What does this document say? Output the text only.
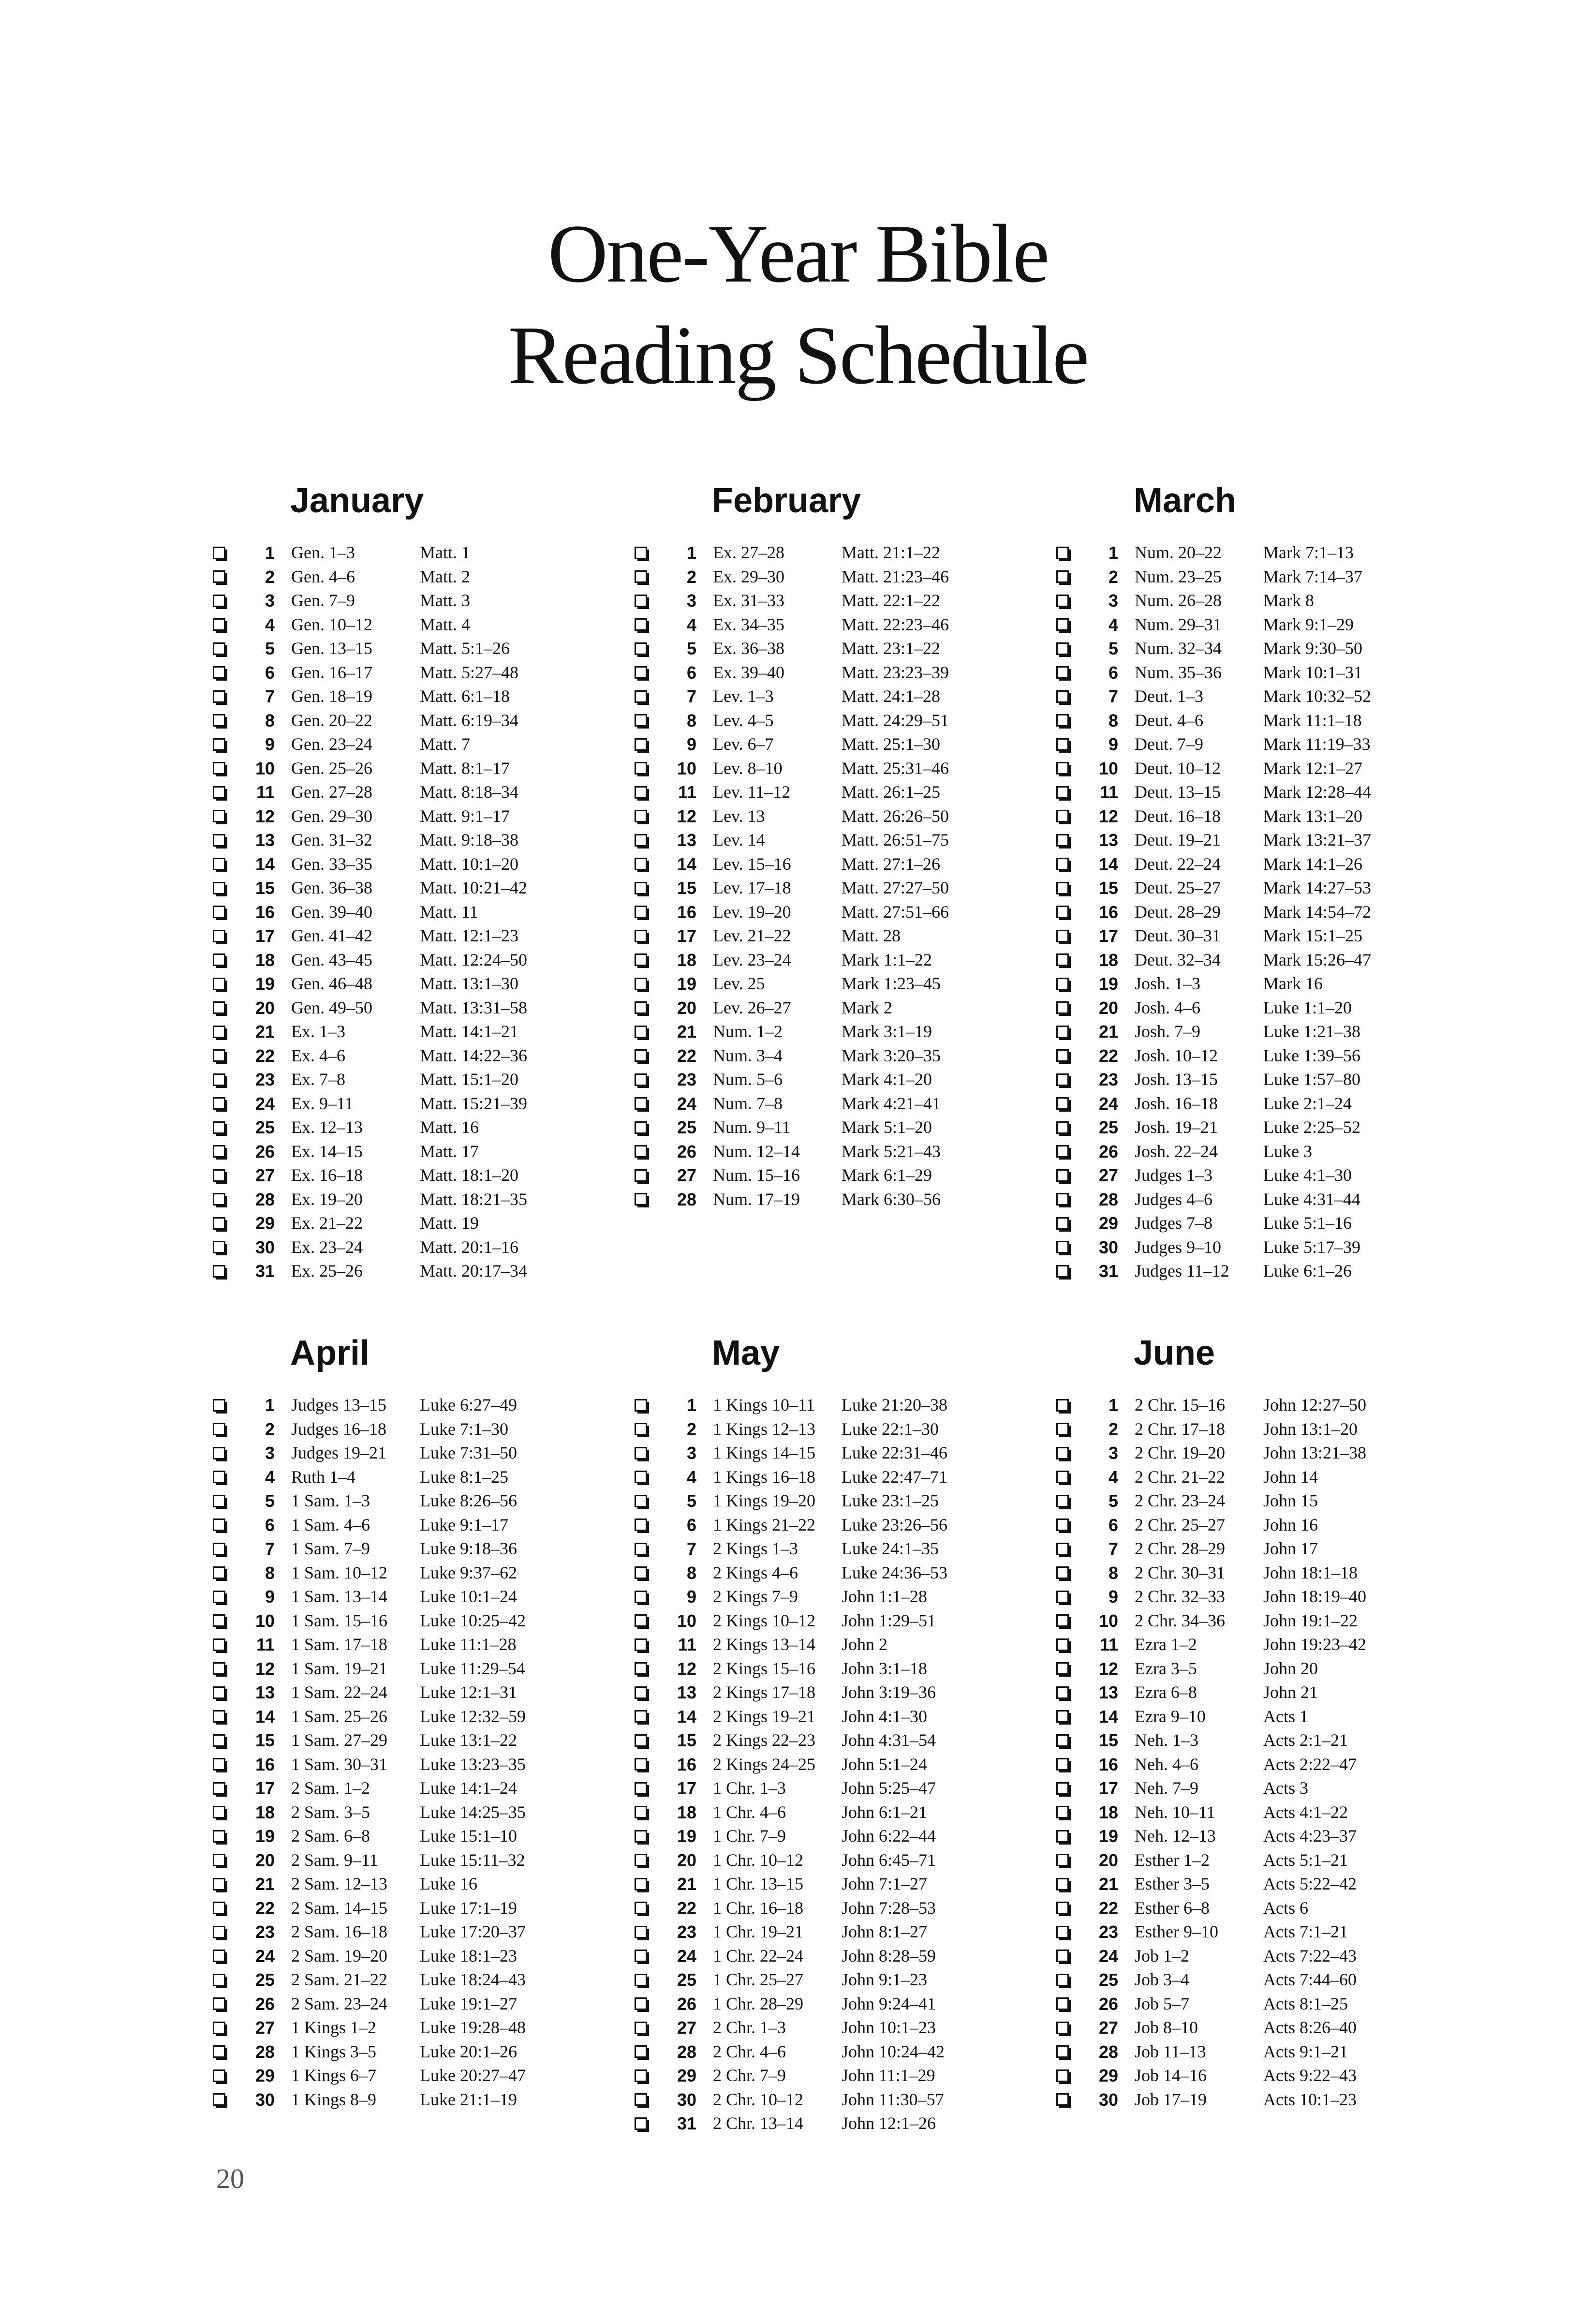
One-Year Bible
Reading Schedule
January
1 Gen. 1–3	Matt. 1
2 Gen. 4–6	Matt. 2
3 Gen. 7–9	Matt. 3
4 Gen. 10–12	Matt. 4
5 Gen. 13–15	Matt. 5:1–26
6 Gen. 16–17	Matt. 5:27–48
7 Gen. 18–19	Matt. 6:1–18
8 Gen. 20–22	Matt. 6:19–34
9 Gen. 23–24	Matt. 7
10 Gen. 25–26	Matt. 8:1–17
11 Gen. 27–28	Matt. 8:18–34
12 Gen. 29–30	Matt. 9:1–17
13 Gen. 31–32	Matt. 9:18–38
14 Gen. 33–35	Matt. 10:1–20
15 Gen. 36–38	Matt. 10:21–42
16 Gen. 39–40	Matt. 11
17 Gen. 41–42	Matt. 12:1–23
18 Gen. 43–45	Matt. 12:24–50
19 Gen. 46–48	Matt. 13:1–30
20 Gen. 49–50	Matt. 13:31–58
21 Ex. 1–3	Matt. 14:1–21
22 Ex. 4–6	Matt. 14:22–36
23 Ex. 7–8	Matt. 15:1–20
24 Ex. 9–11	Matt. 15:21–39
25 Ex. 12–13	Matt. 16
26 Ex. 14–15	Matt. 17
27 Ex. 16–18	Matt. 18:1–20
28 Ex. 19–20	Matt. 18:21–35
29 Ex. 21–22	Matt. 19
30 Ex. 23–24	Matt. 20:1–16
31 Ex. 25–26	Matt. 20:17–34
February
1 Ex. 27–28	Matt. 21:1–22
2 Ex. 29–30	Matt. 21:23–46
3 Ex. 31–33	Matt. 22:1–22
4 Ex. 34–35	Matt. 22:23–46
5 Ex. 36–38	Matt. 23:1–22
6 Ex. 39–40	Matt. 23:23–39
7 Lev. 1–3	Matt. 24:1–28
8 Lev. 4–5	Matt. 24:29–51
9 Lev. 6–7	Matt. 25:1–30
10 Lev. 8–10	Matt. 25:31–46
11 Lev. 11–12	Matt. 26:1–25
12 Lev. 13	Matt. 26:26–50
13 Lev. 14	Matt. 26:51–75
14 Lev. 15–16	Matt. 27:1–26
15 Lev. 17–18	Matt. 27:27–50
16 Lev. 19–20	Matt. 27:51–66
17 Lev. 21–22	Matt. 28
18 Lev. 23–24	Mark 1:1–22
19 Lev. 25	Mark 1:23–45
20 Lev. 26–27	Mark 2
21 Num. 1–2	Mark 3:1–19
22 Num. 3–4	Mark 3:20–35
23 Num. 5–6	Mark 4:1–20
24 Num. 7–8	Mark 4:21–41
25 Num. 9–11	Mark 5:1–20
26 Num. 12–14	Mark 5:21–43
27 Num. 15–16	Mark 6:1–29
28 Num. 17–19	Mark 6:30–56
March
1 Num. 20–22	Mark 7:1–13
2 Num. 23–25	Mark 7:14–37
3 Num. 26–28	Mark 8
4 Num. 29–31	Mark 9:1–29
5 Num. 32–34	Mark 9:30–50
6 Num. 35–36	Mark 10:1–31
7 Deut. 1–3	Mark 10:32–52
8 Deut. 4–6	Mark 11:1–18
9 Deut. 7–9	Mark 11:19–33
10 Deut. 10–12	Mark 12:1–27
11 Deut. 13–15	Mark 12:28–44
12 Deut. 16–18	Mark 13:1–20
13 Deut. 19–21	Mark 13:21–37
14 Deut. 22–24	Mark 14:1–26
15 Deut. 25–27	Mark 14:27–53
16 Deut. 28–29	Mark 14:54–72
17 Deut. 30–31	Mark 15:1–25
18 Deut. 32–34	Mark 15:26–47
19 Josh. 1–3	Mark 16
20 Josh. 4–6	Luke 1:1–20
21 Josh. 7–9	Luke 1:21–38
22 Josh. 10–12	Luke 1:39–56
23 Josh. 13–15	Luke 1:57–80
24 Josh. 16–18	Luke 2:1–24
25 Josh. 19–21	Luke 2:25–52
26 Josh. 22–24	Luke 3
27 Judges 1–3	Luke 4:1–30
28 Judges 4–6	Luke 4:31–44
29 Judges 7–8	Luke 5:1–16
30 Judges 9–10	Luke 5:17–39
31 Judges 11–12	Luke 6:1–26
April
1 Judges 13–15	Luke 6:27–49
2 Judges 16–18	Luke 7:1–30
3 Judges 19–21	Luke 7:31–50
4 Ruth 1–4	Luke 8:1–25
5 1 Sam. 1–3	Luke 8:26–56
6 1 Sam. 4–6	Luke 9:1–17
7 1 Sam. 7–9	Luke 9:18–36
8 1 Sam. 10–12	Luke 9:37–62
9 1 Sam. 13–14	Luke 10:1–24
10 1 Sam. 15–16	Luke 10:25–42
11 1 Sam. 17–18	Luke 11:1–28
12 1 Sam. 19–21	Luke 11:29–54
13 1 Sam. 22–24	Luke 12:1–31
14 1 Sam. 25–26	Luke 12:32–59
15 1 Sam. 27–29	Luke 13:1–22
16 1 Sam. 30–31	Luke 13:23–35
17 2 Sam. 1–2	Luke 14:1–24
18 2 Sam. 3–5	Luke 14:25–35
19 2 Sam. 6–8	Luke 15:1–10
20 2 Sam. 9–11	Luke 15:11–32
21 2 Sam. 12–13	Luke 16
22 2 Sam. 14–15	Luke 17:1–19
23 2 Sam. 16–18	Luke 17:20–37
24 2 Sam. 19–20	Luke 18:1–23
25 2 Sam. 21–22	Luke 18:24–43
26 2 Sam. 23–24	Luke 19:1–27
27 1 Kings 1–2	Luke 19:28–48
28 1 Kings 3–5	Luke 20:1–26
29 1 Kings 6–7	Luke 20:27–47
30 1 Kings 8–9	Luke 21:1–19
May
1 1 Kings 10–11	Luke 21:20–38
2 1 Kings 12–13	Luke 22:1–30
3 1 Kings 14–15	Luke 22:31–46
4 1 Kings 16–18	Luke 22:47–71
5 1 Kings 19–20	Luke 23:1–25
6 1 Kings 21–22	Luke 23:26–56
7 2 Kings 1–3	Luke 24:1–35
8 2 Kings 4–6	Luke 24:36–53
9 2 Kings 7–9	John 1:1–28
10 2 Kings 10–12	John 1:29–51
11 2 Kings 13–14	John 2
12 2 Kings 15–16	John 3:1–18
13 2 Kings 17–18	John 3:19–36
14 2 Kings 19–21	John 4:1–30
15 2 Kings 22–23	John 4:31–54
16 2 Kings 24–25	John 5:1–24
17 1 Chr. 1–3	John 5:25–47
18 1 Chr. 4–6	John 6:1–21
19 1 Chr. 7–9	John 6:22–44
20 1 Chr. 10–12	John 6:45–71
21 1 Chr. 13–15	John 7:1–27
22 1 Chr. 16–18	John 7:28–53
23 1 Chr. 19–21	John 8:1–27
24 1 Chr. 22–24	John 8:28–59
25 1 Chr. 25–27	John 9:1–23
26 1 Chr. 28–29	John 9:24–41
27 2 Chr. 1–3	John 10:1–23
28 2 Chr. 4–6	John 10:24–42
29 2 Chr. 7–9	John 11:1–29
30 2 Chr. 10–12	John 11:30–57
31 2 Chr. 13–14	John 12:1–26
June
1 2 Chr. 15–16	John 12:27–50
2 2 Chr. 17–18	John 13:1–20
3 2 Chr. 19–20	John 13:21–38
4 2 Chr. 21–22	John 14
5 2 Chr. 23–24	John 15
6 2 Chr. 25–27	John 16
7 2 Chr. 28–29	John 17
8 2 Chr. 30–31	John 18:1–18
9 2 Chr. 32–33	John 18:19–40
10 2 Chr. 34–36	John 19:1–22
11 Ezra 1–2	John 19:23–42
12 Ezra 3–5	John 20
13 Ezra 6–8	John 21
14 Ezra 9–10	Acts 1
15 Neh. 1–3	Acts 2:1–21
16 Neh. 4–6	Acts 2:22–47
17 Neh. 7–9	Acts 3
18 Neh. 10–11	Acts 4:1–22
19 Neh. 12–13	Acts 4:23–37
20 Esther 1–2	Acts 5:1–21
21 Esther 3–5	Acts 5:22–42
22 Esther 6–8	Acts 6
23 Esther 9–10	Acts 7:1–21
24 Job 1–2	Acts 7:22–43
25 Job 3–4	Acts 7:44–60
26 Job 5–7	Acts 8:1–25
27 Job 8–10	Acts 8:26–40
28 Job 11–13	Acts 9:1–21
29 Job 14–16	Acts 9:22–43
30 Job 17–19	Acts 10:1–23
20
